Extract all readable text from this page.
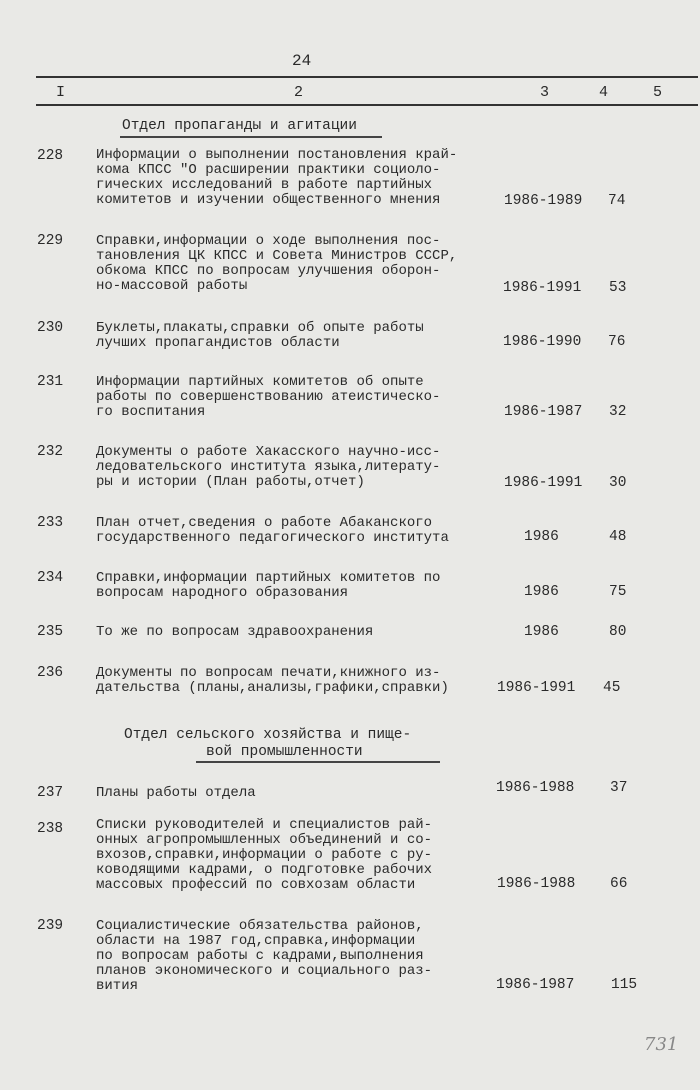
24
I	2	3	4	5
Отдел пропаганды и агитации
Отдел сельского хозяйства и пище-
вой промышленности
228 Информации о выполнении постановления край-
кома КПСС "О расширении практики социоло-
гических исследований в работе партийных
комитетов и изучении общественного мнения	1986-1989 74
229 Справки,информации о ходе выполнения пос-
тановления ЦК КПСС и Совета Министров СССР,
обкома КПСС по вопросам улучшения оборон-
но-массовой работы	1986-1991 53
230 Буклеты,плакаты,справки об опыте работы
лучших пропагандистов области	1986-1990 76
231 Информации партийных комитетов об опыте
работы по совершенствованию атеистическо-
го воспитания	1986-1987 32
232 Документы о работе Хакасского научно-исс-
ледовательского института языка,литерату-
ры и истории (План работы,отчет)	1986-1991 30
233 План отчет,сведения о работе Абаканского
государственного педагогического института	1986	48
234 Справки,информации партийных комитетов по
вопросам народного образования	1986	75
235 То же по вопросам здравоохранения	1986	80
236 Документы по вопросам печати,книжного из-
дательства (планы,анализы,графики,справки)	1986-1991 45
237 Планы работы отдела	1986-1988 37
238 Списки руководителей и специалистов рай-
онных агропромышленных объединений и со-
вхозов,справки,информации о работе с ру-
ководящими кадрами, о подготовке рабочих
массовых профессий по совхозам области	1986-1988 66
239 Социалистические обязательства районов,
области на 1987 год,справка,информации
по вопросам работы с кадрами,выполнения
планов экономического и социального раз-
вития	1986-1987	115
731
